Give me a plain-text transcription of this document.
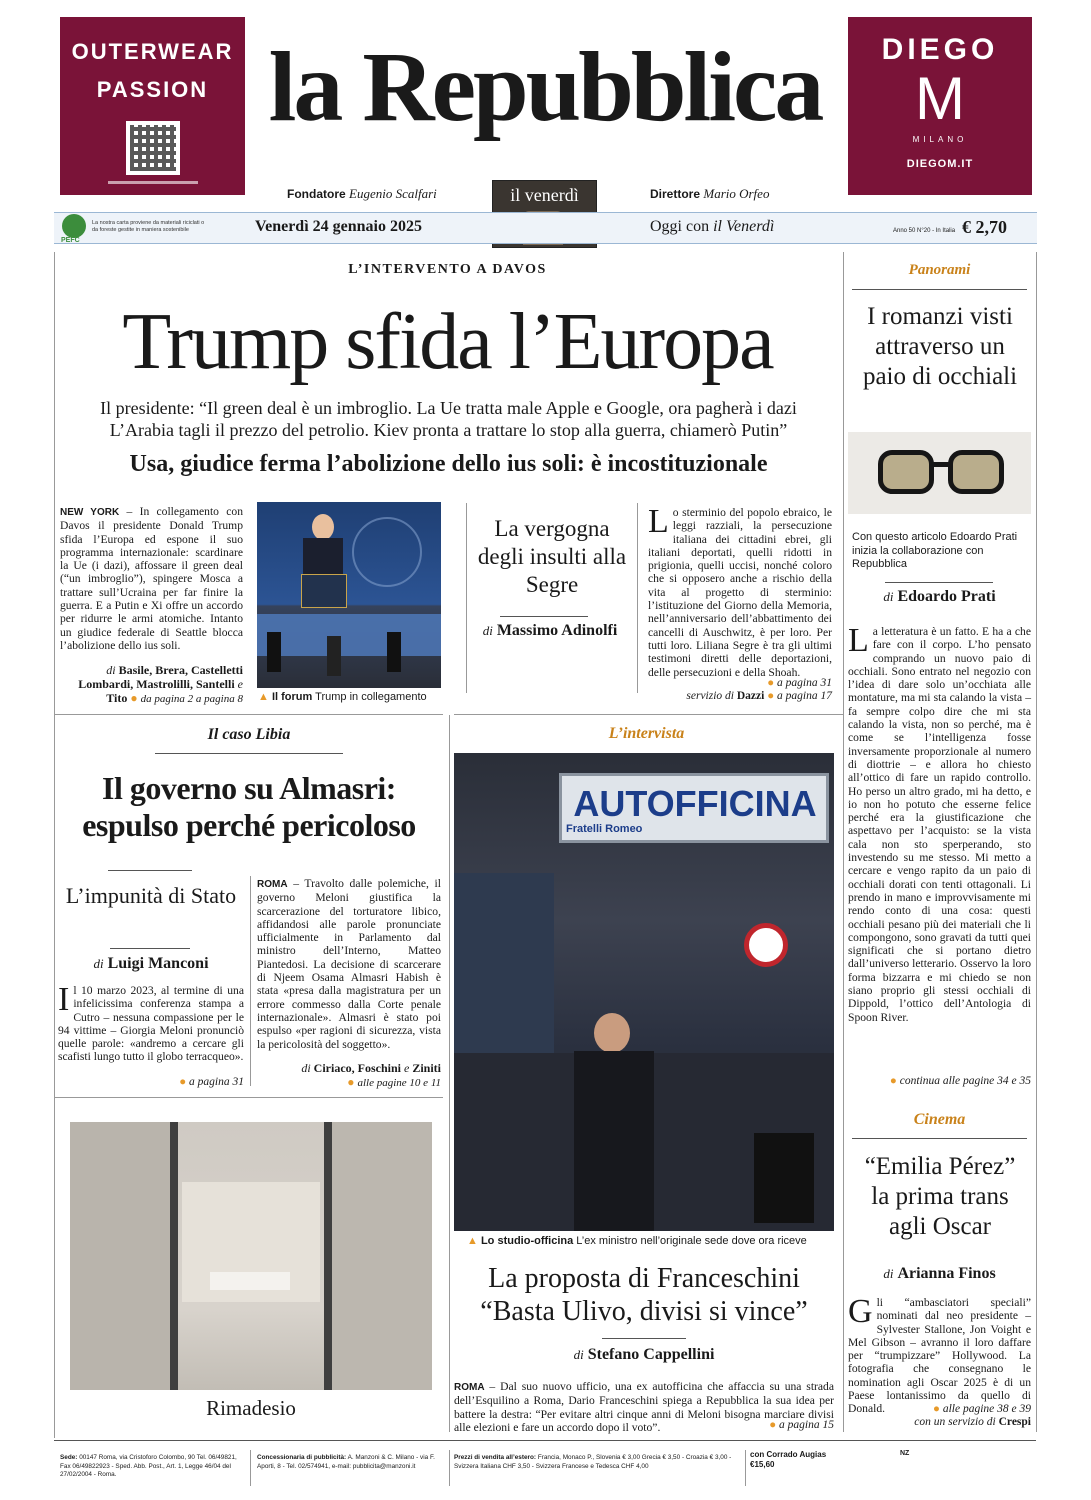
OUTERWEAR
PASSION la Repubblica
Fondatore Eugenio Scalfari	il venerdì	Direttore Mario Orfeo
DIEGO
M
MILANO
DIEGOM.IT
PEFC
La nostra carta proviene da materiali riciclati o da foreste gestite in maniera sostenibile	Venerdì 24 gennaio 2025	Oggi con il Venerdì	Anno 50 N°20 - In Italia € 2,70
L’INTERVENTO A DAVOS
Trump sfida l’Europa
Il presidente: “Il green deal è un imbroglio. La Ue tratta male Apple e Google, ora pagherà i dazi
L’Arabia tagli il prezzo del petrolio. Kiev pronta a trattare lo stop alla guerra, chiamerò Putin”
Usa, giudice ferma l’abolizione dello ius soli: è incostituzionale
NEW YORK – In collegamento con Davos il presidente Donald Trump sfida l’Europa ed espone il suo programma internazionale: scardinare la Ue (i dazi), affossare il green deal (“un imbroglio”), spingere Mosca a trattare sull’Ucraina per far finire la guerra. E a Putin e Xi offre un accordo per ridurre le armi atomiche. Intanto un giudice federale di Seattle blocca l’abolizione dello ius soli.
di Basile, Brera, Castelletti Lombardi, Mastrolilli, Santelli e Tito ● da pagina 2 a pagina 8 ▲ Il forum Trump in collegamento
La vergogna degli insulti alla Segre
di Massimo Adinolfi
Lo sterminio del popolo ebraico, le leggi razziali, la persecuzione italiana dei cittadini ebrei, gli italiani deportati, quelli ridotti in prigionia, quelli uccisi, nonché coloro che si opposero anche a rischio della vita al progetto di sterminio: l’istituzione del Giorno della Memoria, nell’anniversario dell’abbattimento dei cancelli di Auschwitz, è per loro. Per tutti loro. Liliana Segre è tra gli ultimi testimoni diretti delle deportazioni, delle persecuzioni e della Shoah.
● a pagina 31
servizio di Dazzi ● a pagina 17
Panorami
I romanzi visti attraverso un paio di occhiali
Con questo articolo Edoardo Prati inizia la collaborazione con Repubblica
di Edoardo Prati
La letteratura è un fatto. E ha a che fare con il corpo. L’ho pensato comprando un nuovo paio di occhiali. Sono entrato nel negozio con l’idea di dare solo un’occhiata alle montature, ma mi sta calando la vista – fa sempre colpo dire che mi sta calando la vista, non so perché, ma è come se l’intelligenza fosse inversamente proporzionale al numero di diottrie – e allora ho chiesto all’ottico di fare un rapido controllo. Ho perso un altro grado, mi ha detto, e io non ho potuto che esserne felice perché era la giustificazione che aspettavo per l’acquisto: se la vista cala non sto sperperando, sto investendo su me stesso. Mi metto a cercare e vengo rapito da un paio di occhiali dorati con tenti ottagonali. Li prendo in mano e improvvisamente mi rendo conto di una cosa: questi occhiali pesano più dei materiali che li compongono, sono gravati da tutti quei significati che si portano dietro dall’universo letterario. Osservo la loro forma bizzarra e mi chiedo se non siano proprio gli stessi occhiali di Dippold, l’ottico dell’Antologia di Spoon River.
● continua alle pagine 34 e 35
Cinema
“Emilia Pérez” la prima trans agli Oscar
di Arianna Finos
Gli “ambasciatori speciali” nominati dal neo presidente – Sylvester Stallone, Jon Voight e Mel Gibson – avranno il loro daffare per “trumpizzare” Hollywood. La fotografia che consegnano le nomination agli Oscar 2025 è di un Paese lontanissimo da quello di Donald.	● alle pagine 38 e 39
con un servizio di Crespi
Il caso Libia
Il governo su Almasri: espulso perché pericoloso
L’impunità di Stato
di Luigi Manconi
Il 10 marzo 2023, al termine di una infelicissima conferenza stampa a Cutro – nessuna compassione per le 94 vittime – Giorgia Meloni pronunciò quelle parole: «andremo a cercare gli scafisti lungo tutto il globo terracqueo».
● a pagina 31
ROMA – Travolto dalle polemiche, il governo Meloni giustifica la scarcerazione del torturatore libico, affidandosi alle parole pronunciate ufficialmente in Parlamento dal ministro dell’Interno, Matteo Piantedosi. La decisione di scarcerare di Njeem Osama Almasri Habish è stata «presa dalla magistratura per un errore commesso dalla Corte penale internazionale». Almasri è stato poi espulso «per ragioni di sicurezza, vista la pericolosità del soggetto».
di Ciriaco, Foschini e Ziniti
● alle pagine 10 e 11
Rimadesio
L’intervista
AUTOFFICINA
Fratelli Romeo
▲ Lo studio-officina L’ex ministro nell’originale sede dove ora riceve
La proposta di Franceschini
“Basta Ulivo, divisi si vince”
di Stefano Cappellini
ROMA – Dal suo nuovo ufficio, una ex autofficina che affaccia su una strada dell’Esquilino a Roma, Dario Franceschini spiega a Repubblica la sua idea per battere la destra: “Per evitare altri cinque anni di Meloni bisogna marciare divisi alle elezioni e fare un accordo dopo il voto”.	● a pagina 15
Sede: 00147 Roma, via Cristoforo Colombo, 90 Tel. 06/49821, Fax 06/49822923 - Sped. Abb. Post., Art. 1, Legge 46/04 del 27/02/2004 - Roma.
Concessionaria di pubblicità: A. Manzoni & C. Milano - via F. Aporti, 8 - Tel. 02/574941, e-mail: pubblicita@manzoni.it
Prezzi di vendita all’estero: Francia, Monaco P., Slovenia € 3,00 Grecia € 3,50 - Croazia € 3,00 - Svizzera Italiana CHF 3,50 - Svizzera Francese e Tedesca CHF 4,00
con Corrado Augias €15,60
NZ
